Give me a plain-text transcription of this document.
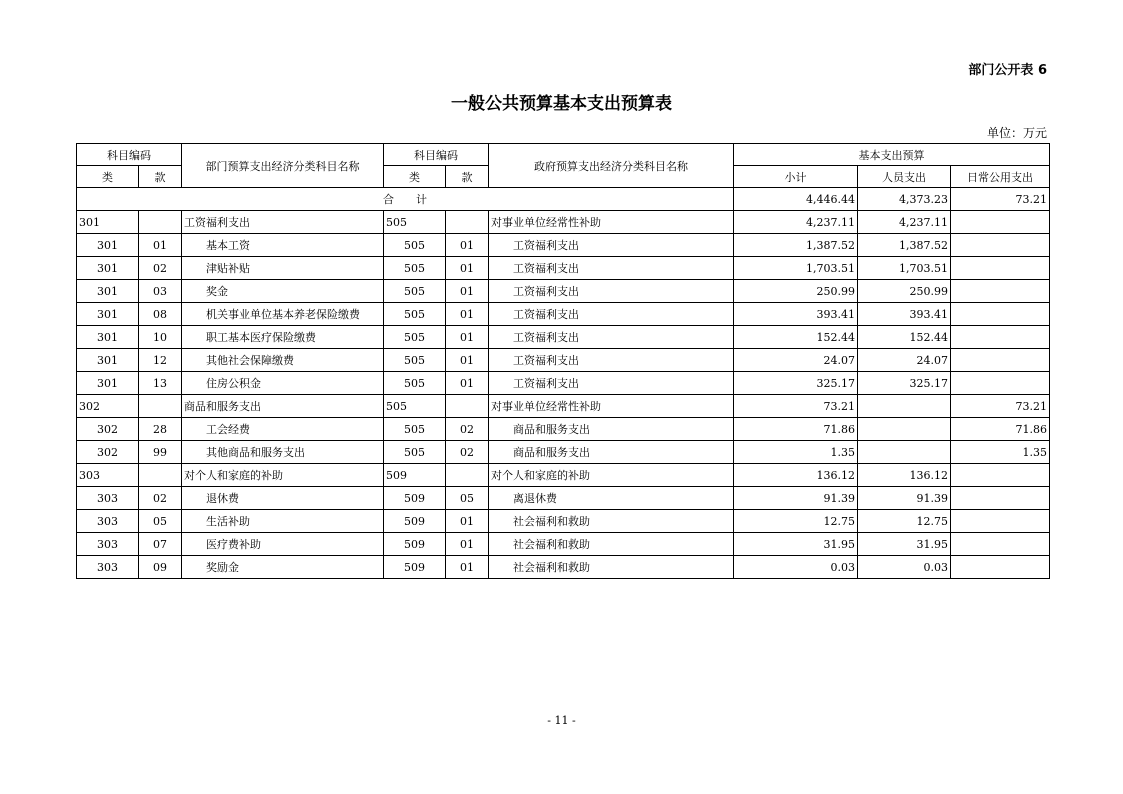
部门公开表 6
一般公共预算基本支出预算表
单位：万元
科目编码		部门预算支出经济分类科目名称	科目编码		政府预算支出经济分类科目名称	基本支出预算		
类	款		类	款		小计	人员支出	日常公用支出
合　　计						4,446.44	4,373.23	73.21
301		工资福利支出	505		对事业单位经常性补助	4,237.11	4,237.11	
301	01	基本工资	505	01	工资福利支出	1,387.52	1,387.52	
301	02	津贴补贴	505	01	工资福利支出	1,703.51	1,703.51	
301	03	奖金	505	01	工资福利支出	250.99	250.99	
301	08	机关事业单位基本养老保险缴费	505	01	工资福利支出	393.41	393.41	
301	10	职工基本医疗保险缴费	505	01	工资福利支出	152.44	152.44	
301	12	其他社会保障缴费	505	01	工资福利支出	24.07	24.07	
301	13	住房公积金	505	01	工资福利支出	325.17	325.17	
302		商品和服务支出	505		对事业单位经常性补助	73.21		73.21
302	28	工会经费	505	02	商品和服务支出	71.86		71.86
302	99	其他商品和服务支出	505	02	商品和服务支出	1.35		1.35
303		对个人和家庭的补助	509		对个人和家庭的补助	136.12	136.12	
303	02	退休费	509	05	离退休费	91.39	91.39	
303	05	生活补助	509	01	社会福利和救助	12.75	12.75	
303	07	医疗费补助	509	01	社会福利和救助	31.95	31.95	
303	09	奖励金	509	01	社会福利和救助	0.03	0.03	
- 11 -
